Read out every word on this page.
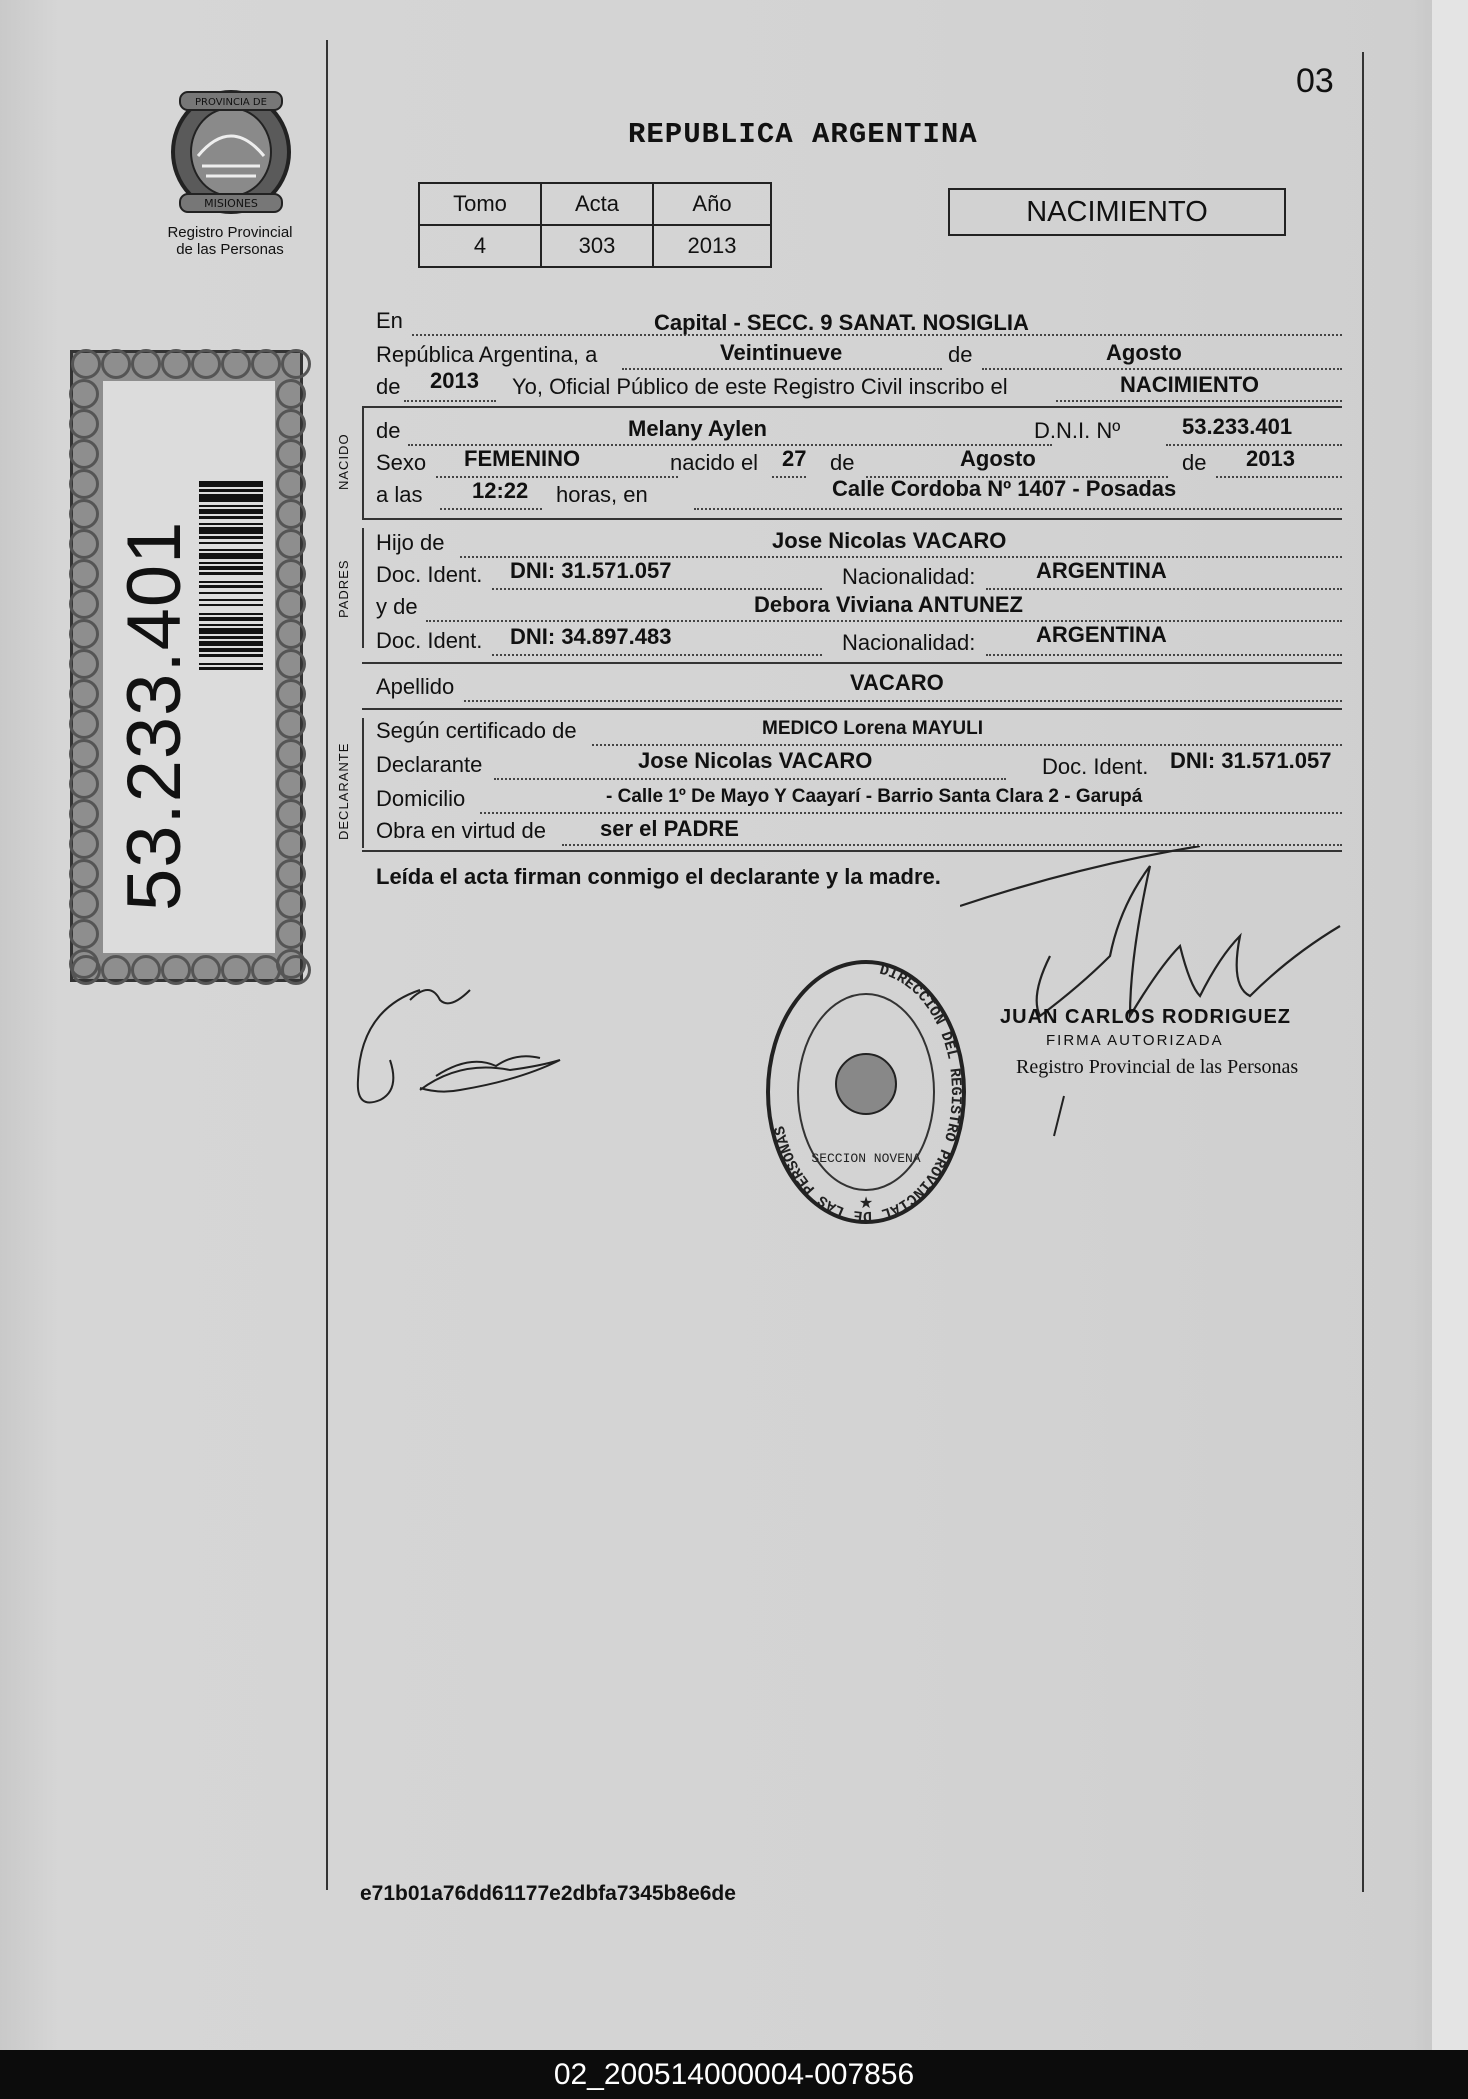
03
REPUBLICA ARGENTINA
PROVINCIA DE
MISIONES
Registro Provincial
de las Personas
53.233.401
Tomo	Acta	Año
4	303	2013
NACIMIENTO
NACIDO
PADRES
DECLARANTE
En	Capital - SECC. 9 SANAT. NOSIGLIA
República Argentina, a	Veintinueve	de	Agosto
de 2013 Yo, Oficial Público de este Registro Civil inscribo el	NACIMIENTO
de	Melany Aylen	D.N.I. Nº	53.233.401
Sexo FEMENINO	nacido el 27 de	Agosto	de 2013
a las 12:22 horas, en	Calle Cordoba Nº 1407 - Posadas
Hijo de	Jose Nicolas VACARO
Doc. Ident. DNI: 31.571.057	Nacionalidad:	ARGENTINA
y de	Debora Viviana ANTUNEZ
Doc. Ident. DNI: 34.897.483	Nacionalidad:	ARGENTINA
Apellido	VACARO
Según certificado de	MEDICO Lorena MAYULI
Declarante	Jose Nicolas VACARO	Doc. Ident. DNI: 31.571.057
Domicilio	- Calle 1º De Mayo Y Caayarí - Barrio Santa Clara 2 - Garupá
Obra en virtud de ser el PADRE
Leída el acta firman conmigo el declarante y la madre.
DIRECCION DEL REGISTRO PROVINCIAL DE LAS PERSONAS
SECCION NOVENA
★
JUAN CARLOS RODRIGUEZ
FIRMA AUTORIZADA
Registro Provincial de las Personas
e71b01a76dd61177e2dbfa7345b8e6de
02_200514000004-007856
